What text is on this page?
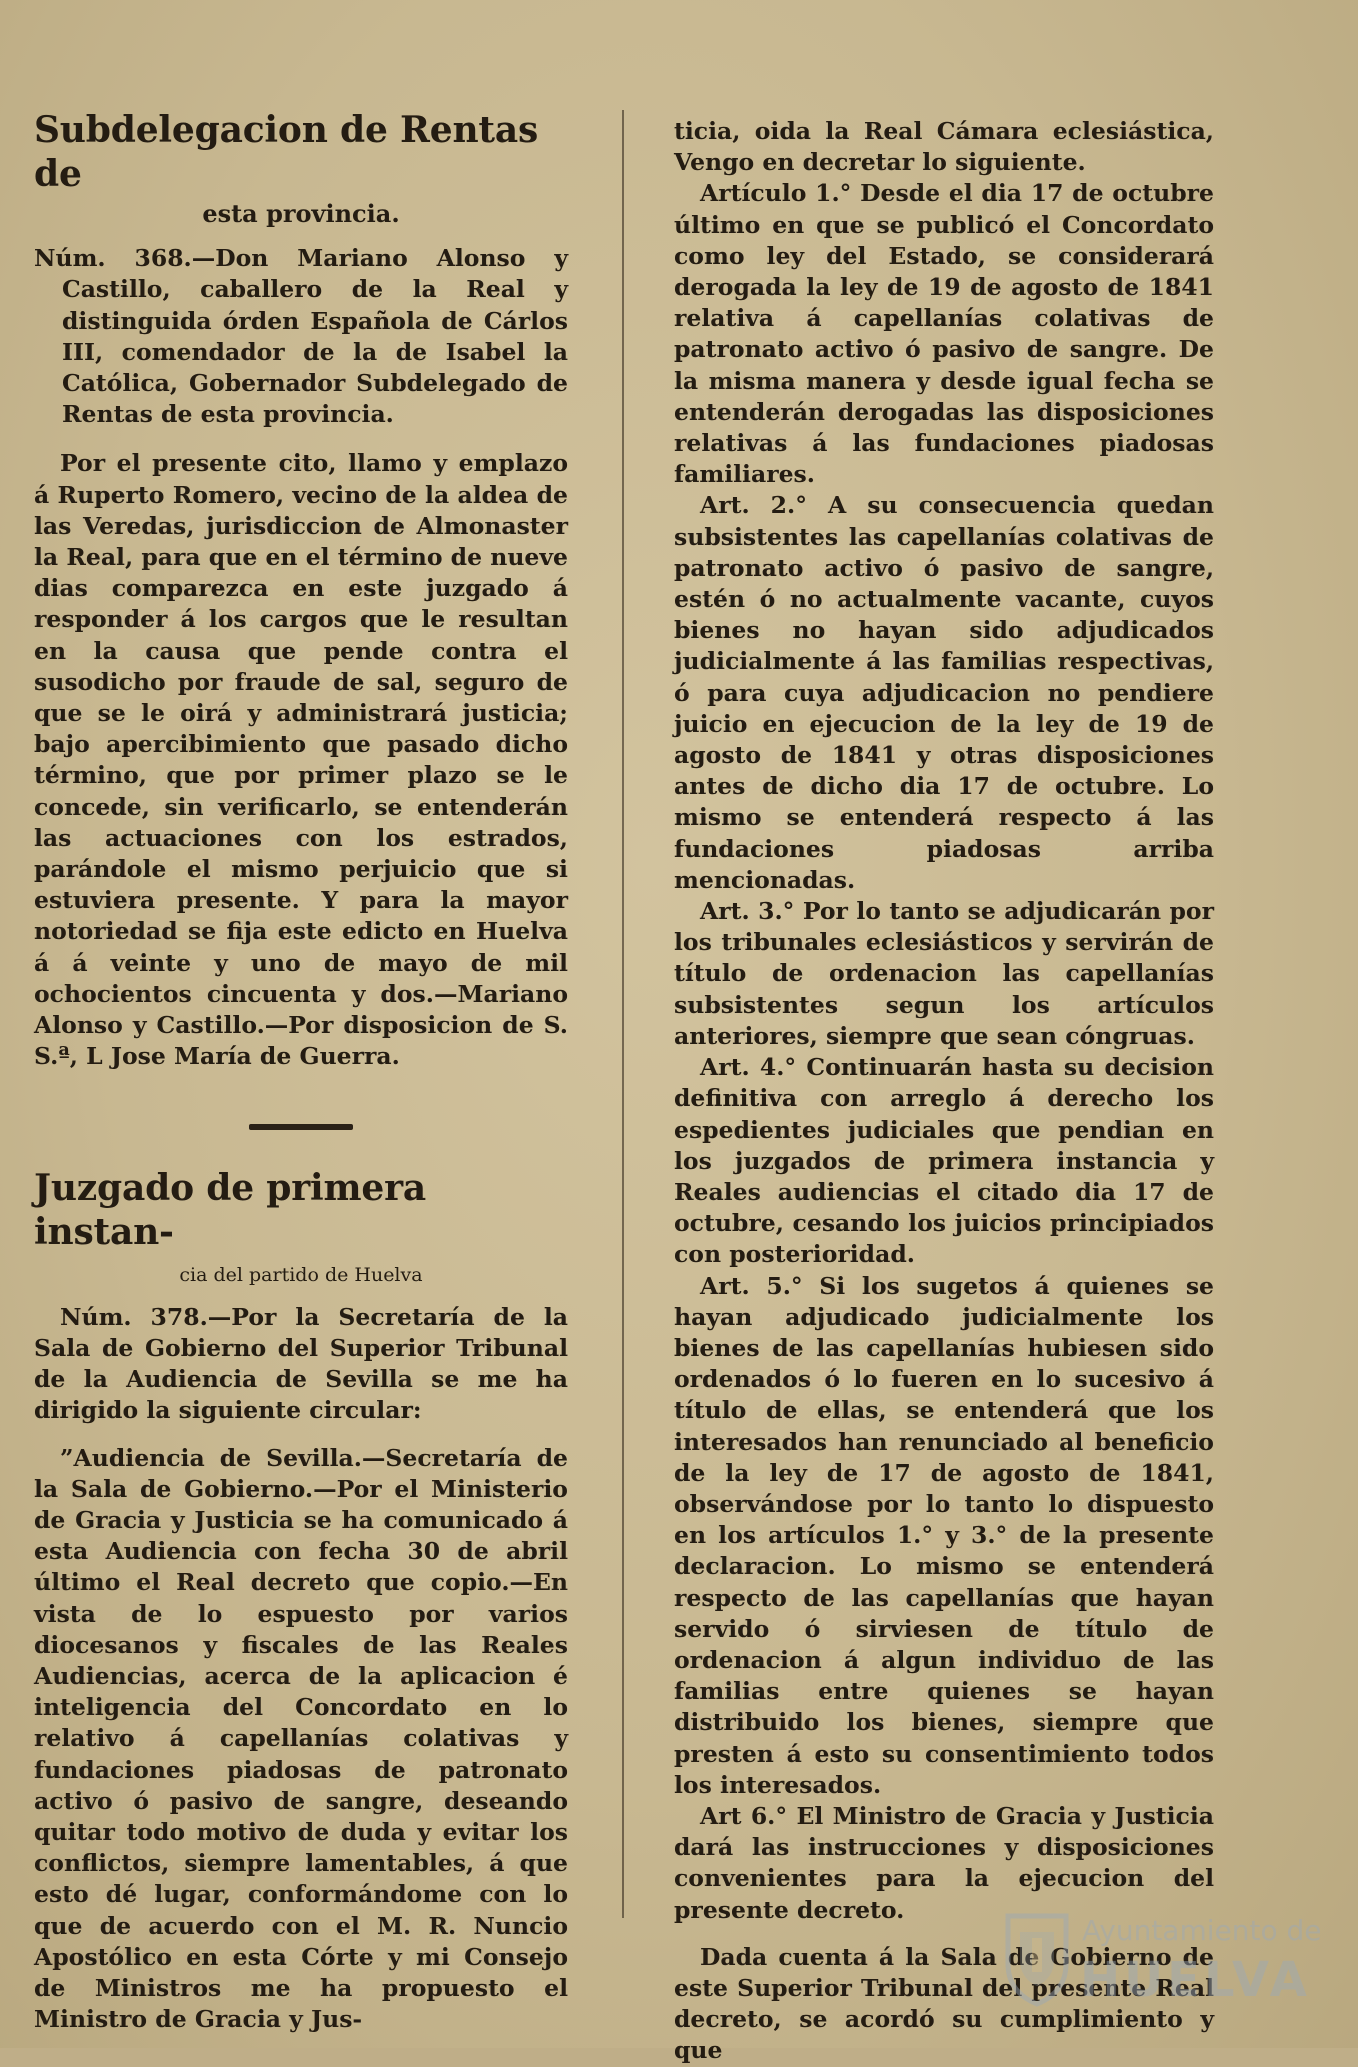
Subdelegacion de Rentas de
esta provincia.

Núm. 368.—Don Mariano Alonso y Castillo, caballero de la Real y distinguida órden Española de Cárlos III, comendador de la de Isabel la Católica, Gobernador Subdelegado de Rentas de esta provincia.

Por el presente cito, llamo y emplazo á Ruperto Romero, vecino de la aldea de las Veredas, jurisdiccion de Almonaster la Real, para que en el término de nueve dias comparezca en este juzgado á responder á los cargos que le resultan en la causa que pende contra el susodicho por fraude de sal, seguro de que se le oirá y administrará justicia; bajo apercibimiento que pasado dicho término, que por primer plazo se le concede, sin verificarlo, se entenderán las actuaciones con los estrados, parándole el mismo perjuicio que si estuviera presente. Y para la mayor notoriedad se fija este edicto en Huelva á á veinte y uno de mayo de mil ochocientos cincuenta y dos.—Mariano Alonso y Castillo.—Por disposicion de S. S.ª, L Jose María de Guerra.

Juzgado de primera instan-
cia del partido de Huelva

Núm. 378.—Por la Secretaría de la Sala de Gobierno del Superior Tribunal de la Audiencia de Sevilla se me ha dirigido la siguiente circular:

”Audiencia de Sevilla.—Secretaría de la Sala de Gobierno.—Por el Ministerio de Gracia y Justicia se ha comunicado á esta Audiencia con fecha 30 de abril último el Real decreto que copio.—En vista de lo espuesto por varios diocesanos y fiscales de las Reales Audiencias, acerca de la aplicacion é inteligencia del Concordato en lo relativo á capellanías colativas y fundaciones piadosas de patronato activo ó pasivo de sangre, deseando quitar todo motivo de duda y evitar los conflictos, siempre lamentables, á que esto dé lugar, conformándome con lo que de acuerdo con el M. R. Nuncio Apostólico en esta Córte y mi Consejo de Ministros me ha propuesto el Ministro de Gracia y Jus-

ticia, oida la Real Cámara eclesiástica, Vengo en decretar lo siguiente.

Artículo 1.° Desde el dia 17 de octubre último en que se publicó el Concordato como ley del Estado, se considerará derogada la ley de 19 de agosto de 1841 relativa á capellanías colativas de patronato activo ó pasivo de sangre. De la misma manera y desde igual fecha se entenderán derogadas las disposiciones relativas á las fundaciones piadosas familiares.

Art. 2.° A su consecuencia quedan subsistentes las capellanías colativas de patronato activo ó pasivo de sangre, estén ó no actualmente vacante, cuyos bienes no hayan sido adjudicados judicialmente á las familias respectivas, ó para cuya adjudicacion no pendiere juicio en ejecucion de la ley de 19 de agosto de 1841 y otras disposiciones antes de dicho dia 17 de octubre. Lo mismo se entenderá respecto á las fundaciones piadosas arriba mencionadas.

Art. 3.° Por lo tanto se adjudicarán por los tribunales eclesiásticos y servirán de título de ordenacion las capellanías subsistentes segun los artículos anteriores, siempre que sean cóngruas.

Art. 4.° Continuarán hasta su decision definitiva con arreglo á derecho los espedientes judiciales que pendian en los juzgados de primera instancia y Reales audiencias el citado dia 17 de octubre, cesando los juicios principiados con posterioridad.

Art. 5.° Si los sugetos á quienes se hayan adjudicado judicialmente los bienes de las capellanías hubiesen sido ordenados ó lo fueren en lo sucesivo á título de ellas, se entenderá que los interesados han renunciado al beneficio de la ley de 17 de agosto de 1841, observándose por lo tanto lo dispuesto en los artículos 1.° y 3.° de la presente declaracion. Lo mismo se entenderá respecto de las capellanías que hayan servido ó sirviesen de título de ordenacion á algun individuo de las familias entre quienes se hayan distribuido los bienes, siempre que presten á esto su consentimiento todos los interesados.

Art 6.° El Ministro de Gracia y Justicia dará las instrucciones y disposiciones convenientes para la ejecucion del presente decreto.

Dada cuenta á la Sala de Gobierno de este Superior Tribunal del presente Real decreto, se acordó su cumplimiento y que

Ayuntamiento de
HUELVA
